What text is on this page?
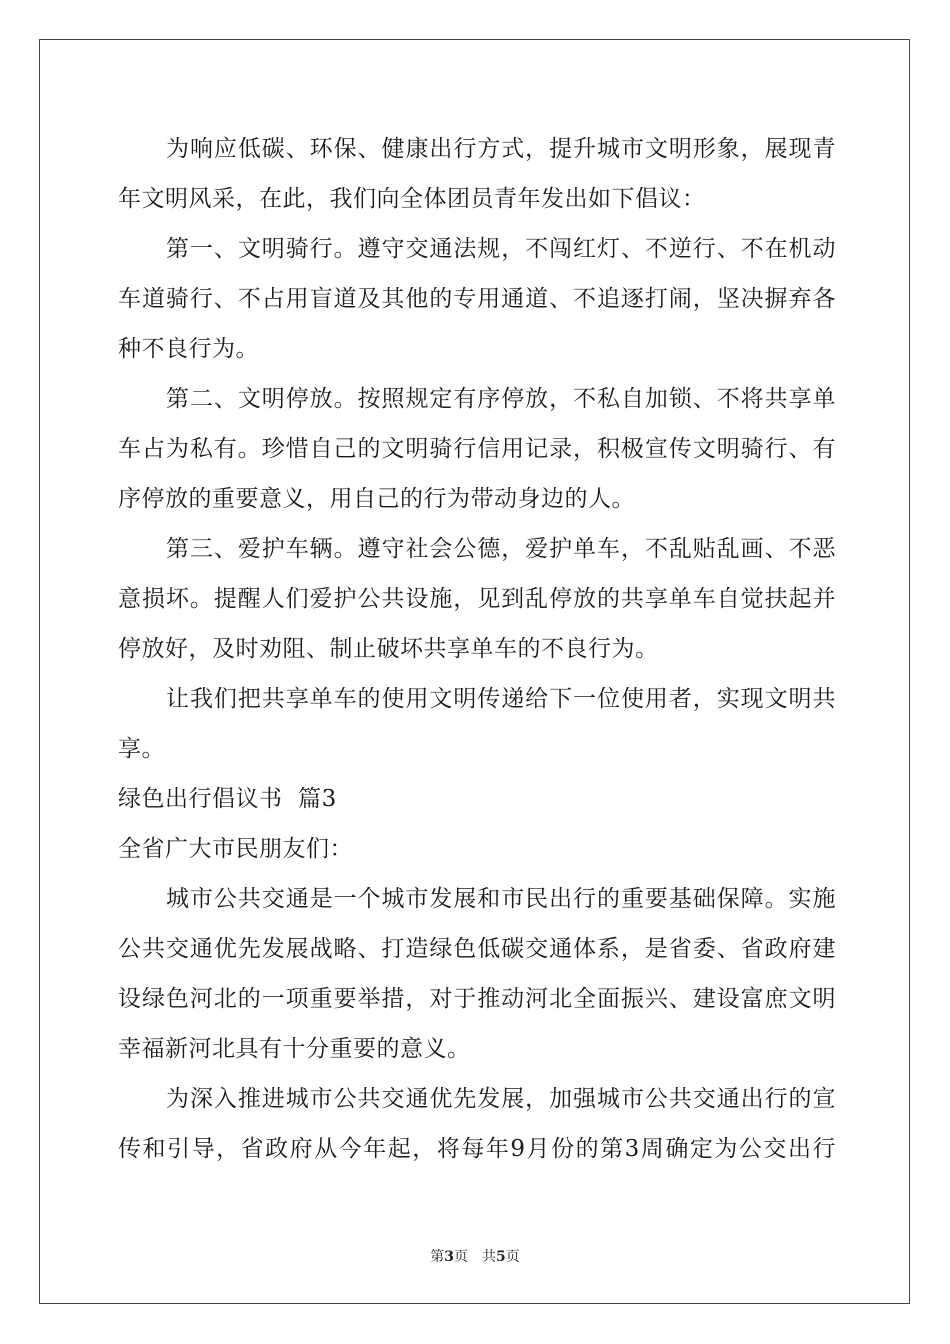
为响应低碳、环保、健康出行方式，提升城市文明形象，展现青
年文明风采，在此，我们向全体团员青年发出如下倡议：
第一、文明骑行。遵守交通法规，不闯红灯、不逆行、不在机动
车道骑行、不占用盲道及其他的专用通道、不追逐打闹，坚决摒弃各
种不良行为。
第二、文明停放。按照规定有序停放，不私自加锁、不将共享单
车占为私有。珍惜自己的文明骑行信用记录，积极宣传文明骑行、有
序停放的重要意义，用自己的行为带动身边的人。
第三、爱护车辆。遵守社会公德，爱护单车，不乱贴乱画、不恶
意损坏。提醒人们爱护公共设施，见到乱停放的共享单车自觉扶起并
停放好，及时劝阻、制止破坏共享单车的不良行为。
让我们把共享单车的使用文明传递给下一位使用者，实现文明共
享。
绿色出行倡议书  篇3
全省广大市民朋友们：
城市公共交通是一个城市发展和市民出行的重要基础保障。实施
公共交通优先发展战略、打造绿色低碳交通体系，是省委、省政府建
设绿色河北的一项重要举措，对于推动河北全面振兴、建设富庶文明
幸福新河北具有十分重要的意义。
为深入推进城市公共交通优先发展，加强城市公共交通出行的宣
传和引导，省政府从今年起，将每年9月份的第3周确定为公交出行
第3页 共5页
